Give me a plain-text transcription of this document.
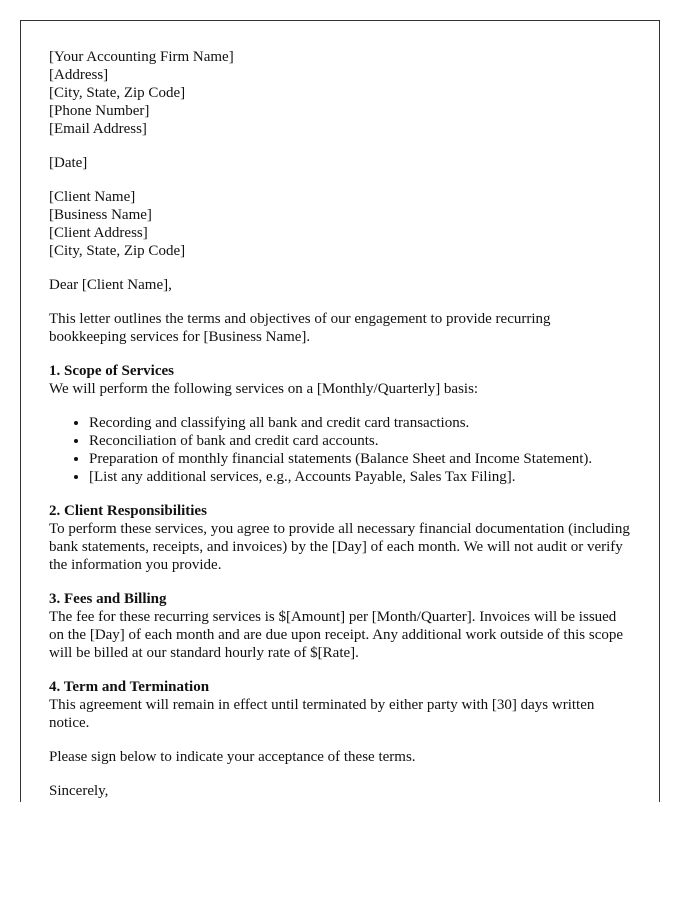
[Your Accounting Firm Name]
[Address]
[City, State, Zip Code]
[Phone Number]
[Email Address]

[Date]

[Client Name]
[Business Name]
[Client Address]
[City, State, Zip Code]

Dear [Client Name],

This letter outlines the terms and objectives of our engagement to provide recurring bookkeeping services for [Business Name].

1. Scope of Services
We will perform the following services on a [Monthly/Quarterly] basis:

• Recording and classifying all bank and credit card transactions.
• Reconciliation of bank and credit card accounts.
• Preparation of monthly financial statements (Balance Sheet and Income Statement).
• [List any additional services, e.g., Accounts Payable, Sales Tax Filing].

2. Client Responsibilities
To perform these services, you agree to provide all necessary financial documentation (including bank statements, receipts, and invoices) by the [Day] of each month. We will not audit or verify the information you provide.

3. Fees and Billing
The fee for these recurring services is $[Amount] per [Month/Quarter]. Invoices will be issued on the [Day] of each month and are due upon receipt. Any additional work outside of this scope will be billed at our standard hourly rate of $[Rate].

4. Term and Termination
This agreement will remain in effect until terminated by either party with [30] days written notice.

Please sign below to indicate your acceptance of these terms.

Sincerely,
